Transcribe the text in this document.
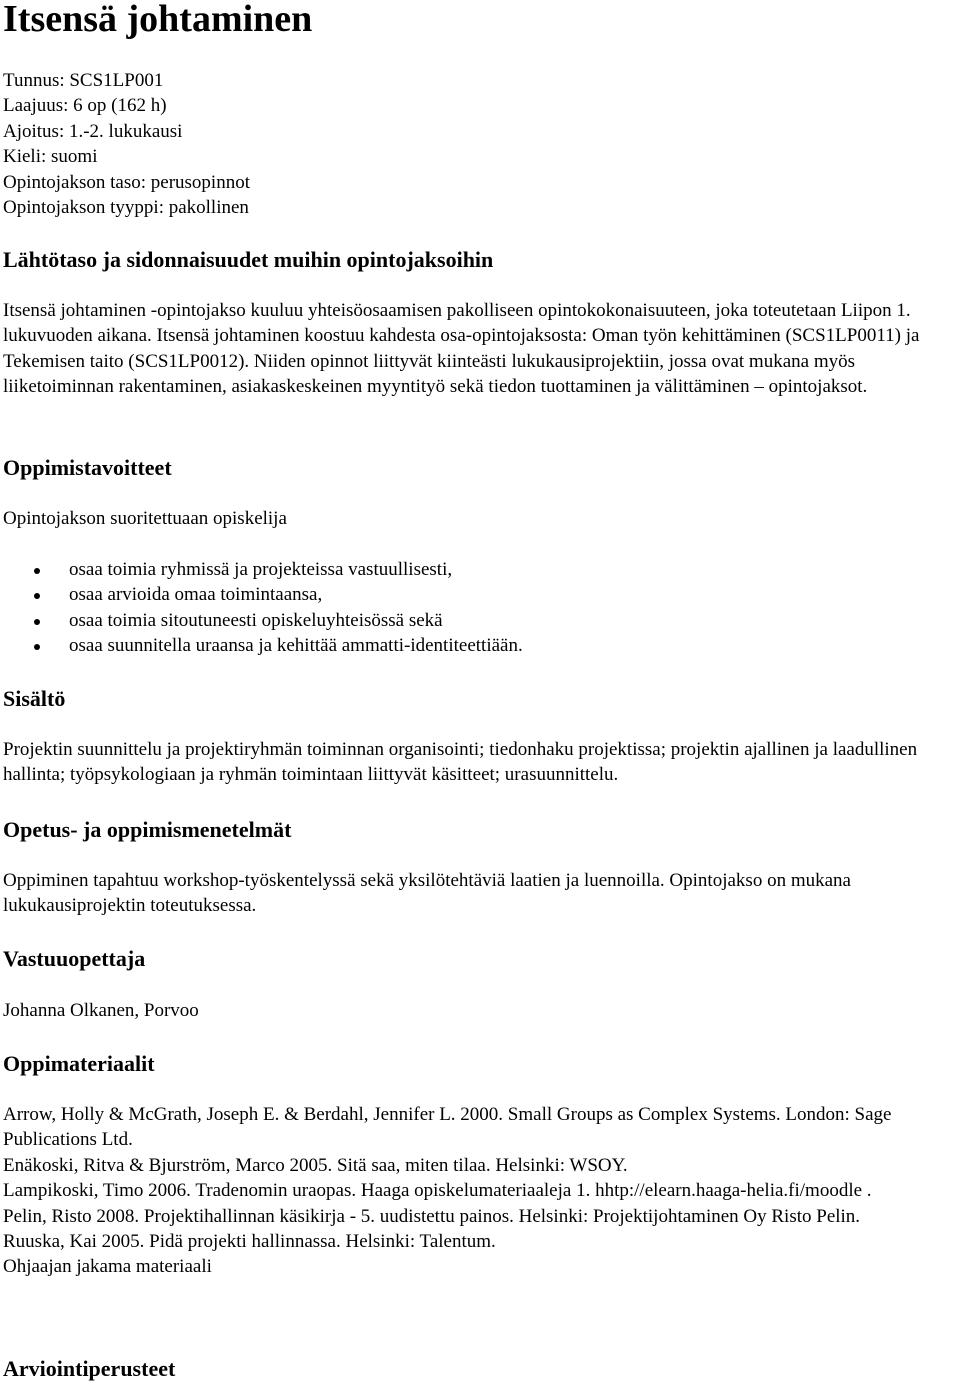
Itsensä johtaminen
Tunnus: SCS1LP001
Laajuus: 6 op (162 h)
Ajoitus: 1.-2. lukukausi
Kieli: suomi
Opintojakson taso: perusopinnot
Opintojakson tyyppi: pakollinen
Lähtötaso ja sidonnaisuudet muihin opintojaksoihin

Itsensä johtaminen -opintojakso kuuluu yhteisöosaamisen pakolliseen opintokokonaisuuteen, joka toteutetaan Liipon 1. lukuvuoden aikana. Itsensä johtaminen koostuu kahdesta osa-opintojaksosta: Oman työn kehittäminen (SCS1LP0011) ja Tekemisen taito (SCS1LP0012). Niiden opinnot liittyvät kiinteästi lukukausiprojektiin, jossa ovat mukana myös liiketoiminnan rakentaminen, asiakaskeskeinen myyntityö sekä tiedon tuottaminen ja välittäminen – opintojaksot.

Oppimistavoitteet

Opintojakson suoritettuaan opiskelija

osaa toimia ryhmissä ja projekteissa vastuullisesti,
osaa arvioida omaa toimintaansa,
osaa toimia sitoutuneesti opiskeluyhteisössä sekä
osaa suunnitella uraansa ja kehittää ammatti-identiteettiään.
Sisältö

Projektin suunnittelu ja projektiryhmän toiminnan organisointi; tiedonhaku projektissa; projektin ajallinen ja laadullinen hallinta; työpsykologiaan ja ryhmän toimintaan liittyvät käsitteet; urasuunnittelu.

Opetus- ja oppimismenetelmät

Oppiminen tapahtuu workshop-työskentelyssä sekä yksilötehtäviä laatien ja luennoilla. Opintojakso on mukana lukukausiprojektin toteutuksessa.

Vastuuopettaja

Johanna Olkanen, Porvoo

Oppimateriaalit
Arrow, Holly & McGrath, Joseph E. & Berdahl, Jennifer L. 2000. Small Groups as Complex Systems. London: Sage Publications Ltd.
Enäkoski, Ritva & Bjurström, Marco 2005. Sitä saa, miten tilaa. Helsinki: WSOY.
Lampikoski, Timo 2006. Tradenomin uraopas. Haaga opiskelumateriaaleja 1. hhtp://elearn.haaga-helia.fi/moodle .
Pelin, Risto 2008. Projektihallinnan käsikirja - 5. uudistettu painos. Helsinki: Projektijohtaminen Oy Risto Pelin.
Ruuska, Kai 2005. Pidä projekti hallinnassa. Helsinki: Talentum.
Ohjaajan jakama materiaali
Arviointiperusteet
